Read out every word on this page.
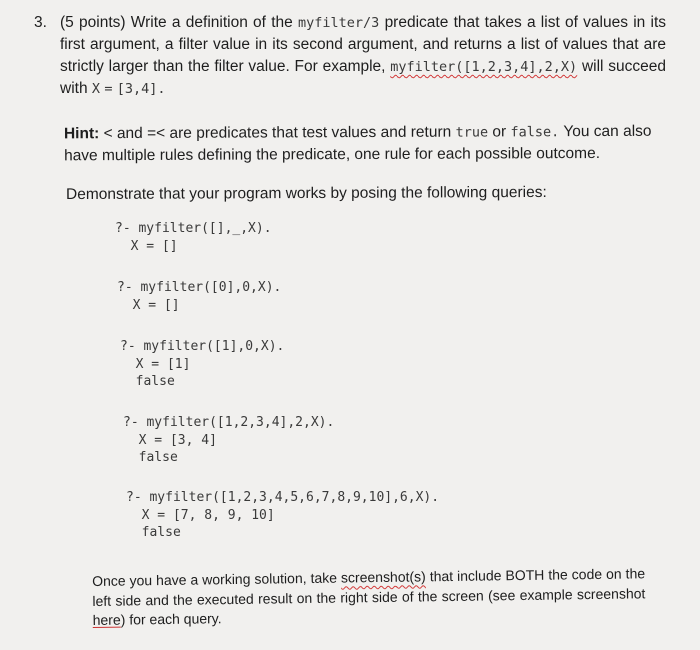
3. (5 points) Write a definition of the myfilter/3 predicate that takes a list of values in its first argument, a filter value in its second argument, and returns a list of values that are strictly larger than the filter value. For example, myfilter([1,2,3,4],2,X) will succeed with X = [3,4].
Hint: < and =< are predicates that test values and return true or false. You can also have multiple rules defining the predicate, one rule for each possible outcome.
Demonstrate that your program works by posing the following queries:
?- myfilter([],_,X).
X = []
?- myfilter([0],0,X).
X = []
?- myfilter([1],0,X).
X = [1]
false
?- myfilter([1,2,3,4],2,X).
X = [3, 4]
false
?- myfilter([1,2,3,4,5,6,7,8,9,10],6,X).
X = [7, 8, 9, 10]
false
Once you have a working solution, take screenshot(s) that include BOTH the code on the left side and the executed result on the right side of the screen (see example screenshot here) for each query.
